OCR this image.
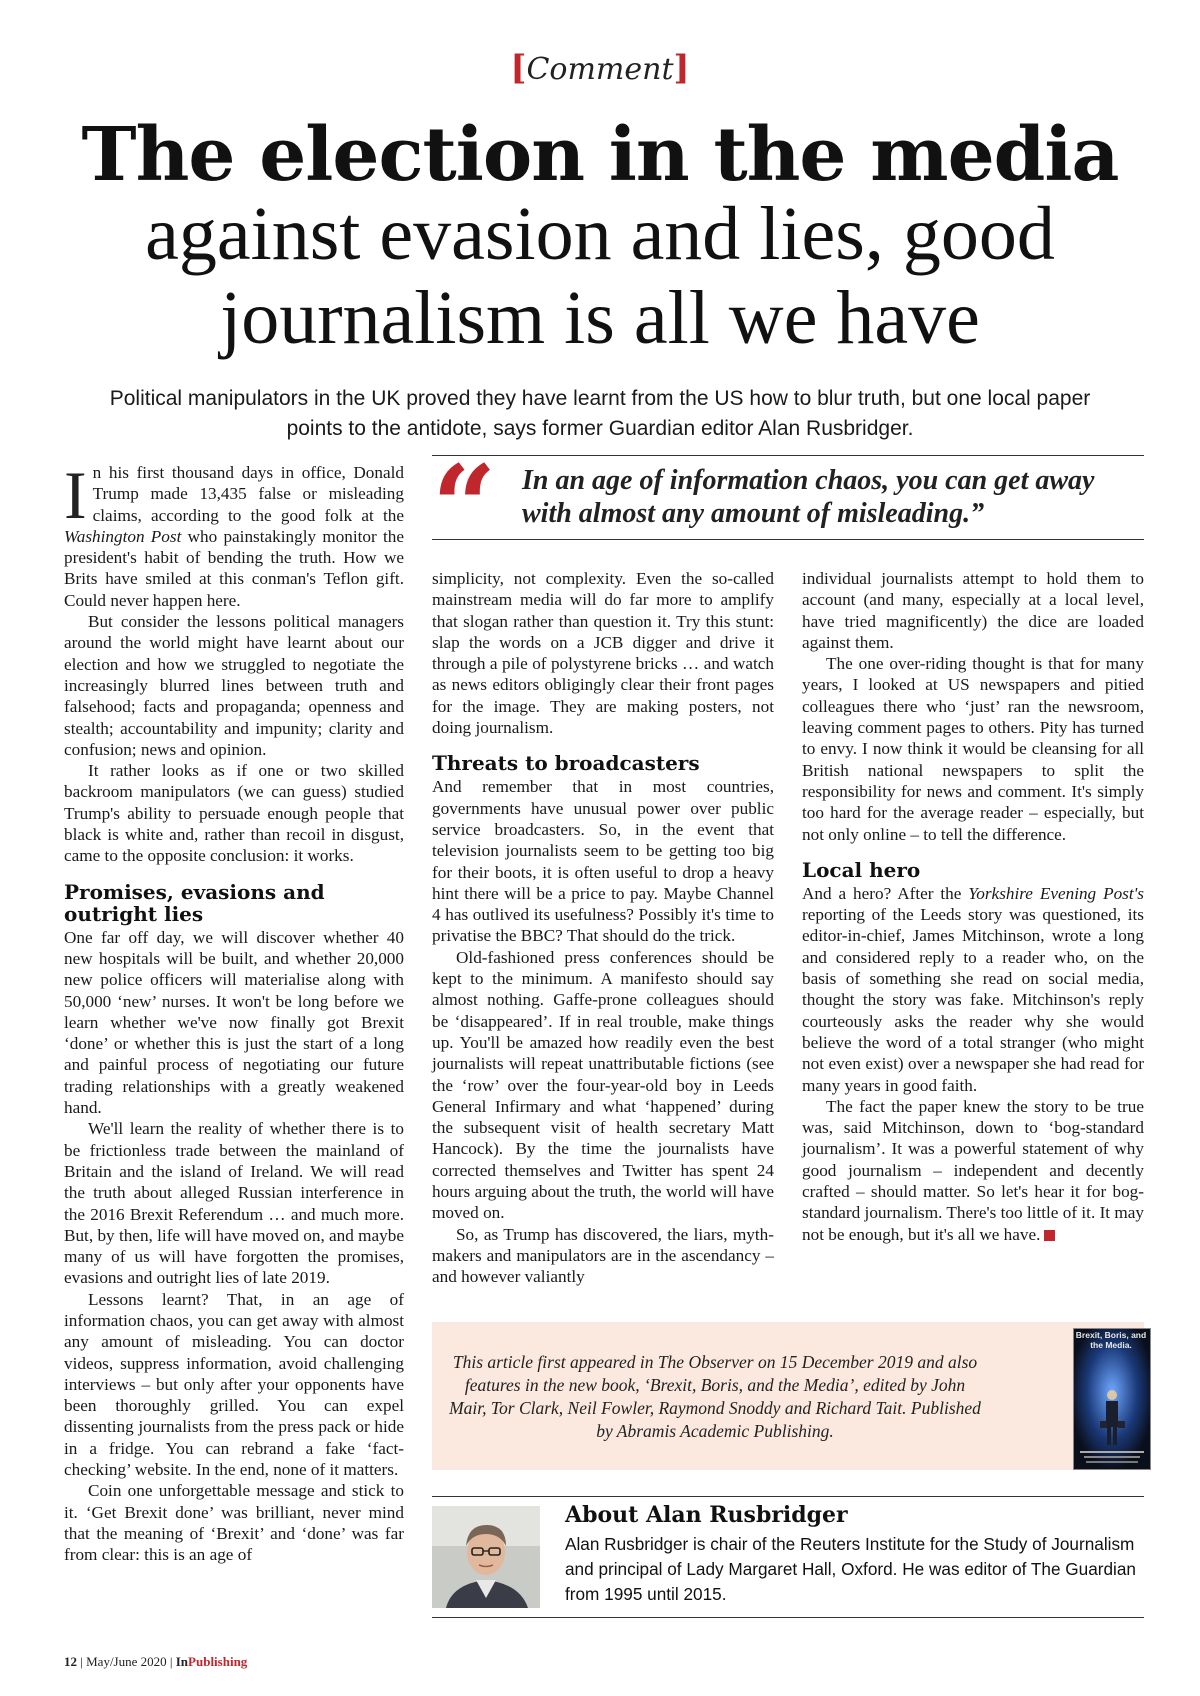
[Comment]
The election in the media
against evasion and lies, good journalism is all we have
Political manipulators in the UK proved they have learnt from the US how to blur truth, but one local paper points to the antidote, says former Guardian editor Alan Rusbridger.

In his first thousand days in office, Donald Trump made 13,435 false or misleading claims, according to the good folk at the Washington Post who painstakingly monitor the president's habit of bending the truth. How we Brits have smiled at this conman's Teflon gift. Could never happen here.

But consider the lessons political managers around the world might have learnt about our election and how we struggled to negotiate the increasingly blurred lines between truth and falsehood; facts and propaganda; openness and stealth; accountability and impunity; clarity and confusion; news and opinion.

It rather looks as if one or two skilled backroom manipulators (we can guess) studied Trump's ability to persuade enough people that black is white and, rather than recoil in disgust, came to the opposite conclusion: it works.

Promises, evasions and outright lies

One far off day, we will discover whether 40 new hospitals will be built, and whether 20,000 new police officers will materialise along with 50,000 ‘new’ nurses. It won't be long before we learn whether we've now finally got Brexit ‘done’ or whether this is just the start of a long and painful process of negotiating our future trading relationships with a greatly weakened hand.

We'll learn the reality of whether there is to be frictionless trade between the mainland of Britain and the island of Ireland. We will read the truth about alleged Russian interference in the 2016 Brexit Referendum … and much more. But, by then, life will have moved on, and maybe many of us will have forgotten the promises, evasions and outright lies of late 2019.

Lessons learnt? That, in an age of information chaos, you can get away with almost any amount of misleading. You can doctor videos, suppress information, avoid challenging interviews – but only after your opponents have been thoroughly grilled. You can expel dissenting journalists from the press pack or hide in a fridge. You can rebrand a fake ‘fact-checking’ website. In the end, none of it matters.

Coin one unforgettable message and stick to it. ‘Get Brexit done’ was brilliant, never mind that the meaning of ‘Brexit’ and ‘done’ was far from clear: this is an age of

“ In an age of information chaos, you can get away with almost any amount of misleading.”

simplicity, not complexity. Even the so-called mainstream media will do far more to amplify that slogan rather than question it. Try this stunt: slap the words on a JCB digger and drive it through a pile of polystyrene bricks … and watch as news editors obligingly clear their front pages for the image. They are making posters, not doing journalism.

Threats to broadcasters

And remember that in most countries, governments have unusual power over public service broadcasters. So, in the event that television journalists seem to be getting too big for their boots, it is often useful to drop a heavy hint there will be a price to pay. Maybe Channel 4 has outlived its usefulness? Possibly it's time to privatise the BBC? That should do the trick.

Old-fashioned press conferences should be kept to the minimum. A manifesto should say almost nothing. Gaffe-prone colleagues should be ‘disappeared’. If in real trouble, make things up. You'll be amazed how readily even the best journalists will repeat unattributable fictions (see the ‘row’ over the four-year-old boy in Leeds General Infirmary and what ‘happened’ during the subsequent visit of health secretary Matt Hancock). By the time the journalists have corrected themselves and Twitter has spent 24 hours arguing about the truth, the world will have moved on.

So, as Trump has discovered, the liars, myth-makers and manipulators are in the ascendancy – and however valiantly

individual journalists attempt to hold them to account (and many, especially at a local level, have tried magnificently) the dice are loaded against them.

The one over-riding thought is that for many years, I looked at US newspapers and pitied colleagues there who ‘just’ ran the newsroom, leaving comment pages to others. Pity has turned to envy. I now think it would be cleansing for all British national newspapers to split the responsibility for news and comment. It's simply too hard for the average reader – especially, but not only online – to tell the difference.

Local hero

And a hero? After the Yorkshire Evening Post's reporting of the Leeds story was questioned, its editor-in-chief, James Mitchinson, wrote a long and considered reply to a reader who, on the basis of something she read on social media, thought the story was fake. Mitchinson's reply courteously asks the reader why she would believe the word of a total stranger (who might not even exist) over a newspaper she had read for many years in good faith.

The fact the paper knew the story to be true was, said Mitchinson, down to ‘bog-standard journalism’. It was a powerful statement of why good journalism – independent and decently crafted – should matter. So let's hear it for bog-standard journalism. There's too little of it. It may not be enough, but it's all we have.

This article first appeared in The Observer on 15 December 2019 and also features in the new book, ‘Brexit, Boris, and the Media’, edited by John Mair, Tor Clark, Neil Fowler, Raymond Snoddy and Richard Tait. Published by Abramis Academic Publishing.
Brexit, Boris, and the Media.
About Alan Rusbridger
Alan Rusbridger is chair of the Reuters Institute for the Study of Journalism and principal of Lady Margaret Hall, Oxford. He was editor of The Guardian from 1995 until 2015.
12 | May/June 2020 | InPublishing
